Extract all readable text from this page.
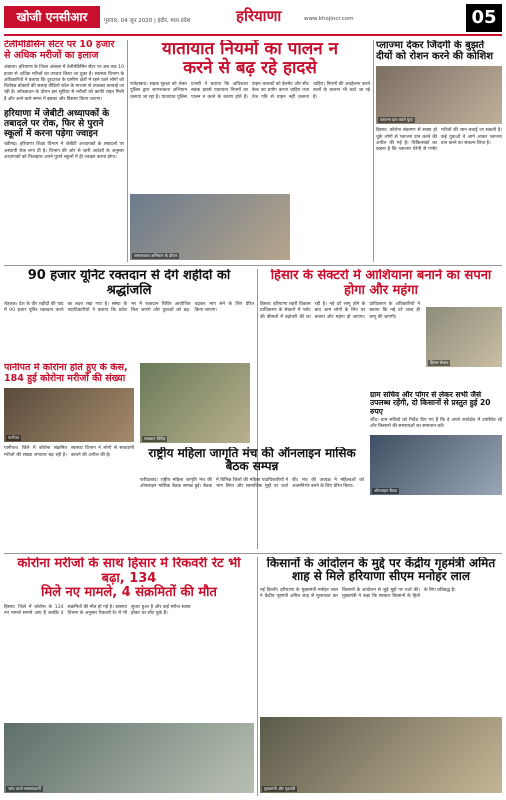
खोजी एनसीआर	गुरुवार, 04 जून 2020 | इंदौर, मध्य प्रदेश	हरियाणा	www.khojincr.com	05
टेलीमेडिसिन सेंटर पर 10 हजार से अधिक मरीजों का इलाज
अंबाला। हरियाणा के जिला अंबाला में टेलीमेडिसिन सेंटर पर अब तक 10 हजार से अधिक मरीजों का उपचार किया जा चुका है। स्वास्थ्य विभाग के अधिकारियों ने बताया कि दूरदराज के ग्रामीण क्षेत्रों में रहने वाले लोगों को विशेषज्ञ डॉक्टरों की सलाह वीडियो कॉल के माध्यम से उपलब्ध करवाई जा रही है। लॉकडाउन के दौरान इस सुविधा से मरीजों को काफी राहत मिली है और आने वाले समय में इसका और विस्तार किया जाएगा।
हरियाणा में जेबीटी अध्यापकों के तबादले पर रोक, फिर से पुराने स्कूलों में करना पड़ेगा ज्वाइन
चंडीगढ़। हरियाणा शिक्षा विभाग ने जेबीटी अध्यापकों के तबादलों पर अस्थायी रोक लगा दी है। विभाग की ओर से जारी आदेशों के अनुसार अध्यापकों को फिलहाल अपने पुराने स्कूलों में ही ज्वाइन करना होगा।
यातायात नियमों का पालन न
करने से बढ़ रहे हादसे
फतेहाबाद। सड़क सुरक्षा को लेकर पुलिस द्वारा जागरूकता अभियान चलाया जा रहा है। यातायात पुलिस प्रभारी ने बताया कि अधिकांश सड़क हादसे यातायात नियमों का पालन न करने के कारण होते हैं। वाहन चालकों को हेलमेट और सीट बेल्ट का प्रयोग करना चाहिए तथा तेज गति से वाहन नहीं चलाना चाहिए। नियमों की अवहेलना करने वालों के चालान भी काटे जा रहे हैं।
जागरूकता अभियान के दौरान
प्लाज्मा देकर जिंदगी के बुझते दीयों को रोशन करने की कोशिश
प्लाज्मा दान करते युवा
हिसार। कोरोना संक्रमण से स्वस्थ हो चुके लोगों से प्लाज्मा दान करने की अपील की गई है। चिकित्सकों का कहना है कि प्लाज्मा थेरेपी से गंभीर मरीजों की जान बचाई जा सकती है। कई युवाओं ने आगे आकर प्लाज्मा दान करने का संकल्प लिया है।
90 हजार यूनिट रक्तदान से देंगे शहीदों को श्रद्धांजलि
रोहतक। देश के वीर शहीदों की याद में 90 हजार यूनिट रक्तदान करने का लक्ष्य रखा गया है। संस्था के पदाधिकारियों ने बताया कि प्रदेश भर में रक्तदान शिविर आयोजित किए जाएंगे और युवाओं को बढ़-चढ़कर भाग लेने के लिए प्रेरित किया जाएगा।
पानीपत में कोरोना होते हुए के केस, 184 हुई कोरोना मरीजों की संख्या
पानीपत
पानीपत। जिले में कोरोना संक्रमित मरीजों की संख्या लगातार बढ़ रही है। स्वास्थ्य विभाग ने लोगों से सावधानी बरतने की अपील की है।
रक्तदान शिविर
हिसार के सेक्टरों में आशियाना बनाने का सपना होगा और महंगा
हिसार। हरियाणा शहरी विकास प्राधिकरण के सेक्टरों में प्लॉट की कीमतों में बढ़ोतरी की जा रही है। नई दरें लागू होने के बाद आम लोगों के लिए घर बनाना और महंगा हो जाएगा। प्राधिकरण के अधिकारियों ने बताया कि नई दरें जल्द ही लागू की जाएंगी।
हिसार सेक्टर
ग्राम सचिव और पोंगर से लेकर सभी जैसे उपलब्ध रहेंगी, दो किसानों से प्रस्तुत हुई 20 रुपए
जींद। ग्राम सचिवों को निर्देश दिए गए हैं कि वे अपने कार्यक्षेत्र में उपस्थित रहें और किसानों की समस्याओं का समाधान करें।
राष्ट्रीय महिला जागृति मंच की ऑनलाइन मासिक बैठक सम्पन्न
फरीदाबाद। राष्ट्रीय महिला जागृति मंच की ऑनलाइन मासिक बैठक सम्पन्न हुई। बैठक में विभिन्न जिलों की महिला पदाधिकारियों ने भाग लिया और सामाजिक मुद्दों पर चर्चा की। मंच की अध्यक्ष ने महिलाओं को आत्मनिर्भर बनने के लिए प्रेरित किया।
ऑनलाइन बैठक
कोरोना मरीजों के साथ हिसार में रिकवरी रेट भी बढ़ा, 134
मिले नए मामले, 4 संक्रमितों की मौत
हिसार। जिले में कोरोना के 134 नए मामले सामने आए हैं जबकि 4 संक्रमितों की मौत हो गई है। स्वास्थ्य विभाग के अनुसार रिकवरी रेट में भी सुधार हुआ है और कई मरीज स्वस्थ होकर घर लौट चुके हैं।
जांच करते स्वास्थ्यकर्मी
किसानों के आंदोलन के मुद्दे पर केंद्रीय गृहमंत्री अमित शाह से मिले हरियाणा सीएम मनोहर लाल
नई दिल्ली। हरियाणा के मुख्यमंत्री मनोहर लाल ने केंद्रीय गृहमंत्री अमित शाह से मुलाकात कर किसानों के आंदोलन से जुड़े मुद्दों पर चर्चा की। मुख्यमंत्री ने कहा कि सरकार किसानों के हितों के लिए प्रतिबद्ध है।
मुख्यमंत्री और गृहमंत्री
